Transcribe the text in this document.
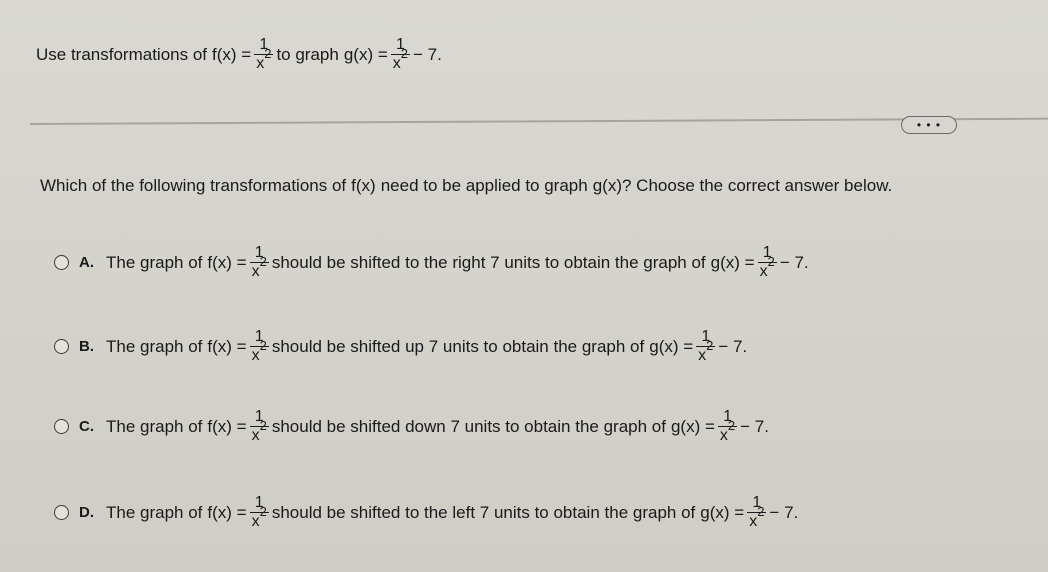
Use transformations of $f(x) = \frac{1}{x^2}$ to graph $g(x) = \frac{1}{x^2} - 7$.
• • •
Which of the following transformations of f(x) need to be applied to graph g(x) ? Choose the correct answer below.
A. The graph of $f(x) = \frac{1}{x^2}$ should be shifted to the right 7 units to obtain the graph of $g(x) = \frac{1}{x^2} - 7$.
B. The graph of $f(x) = \frac{1}{x^2}$ should be shifted up 7 units to obtain the graph of $g(x) = \frac{1}{x^2} - 7$.
C. The graph of $f(x) = \frac{1}{x^2}$ should be shifted down 7 units to obtain the graph of $g(x) = \frac{1}{x^2} - 7$.
D. The graph of $f(x) = \frac{1}{x^2}$ should be shifted to the left 7 units to obtain the graph of $g(x) = \frac{1}{x^2} - 7$.
